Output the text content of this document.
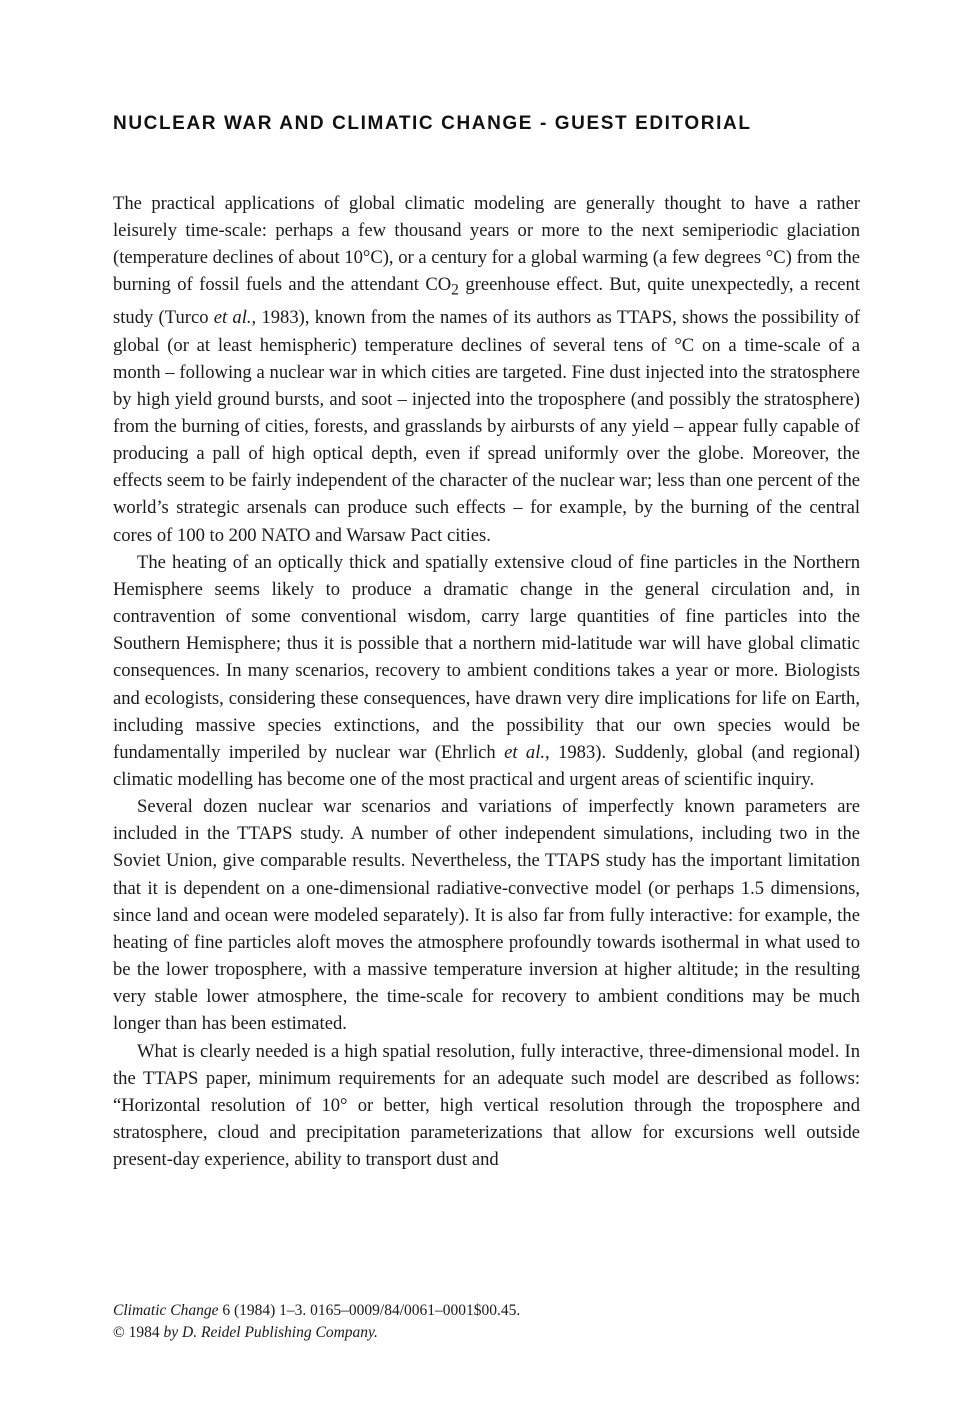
NUCLEAR WAR AND CLIMATIC CHANGE - GUEST EDITORIAL

The practical applications of global climatic modeling are generally thought to have a rather leisurely time-scale: perhaps a few thousand years or more to the next semiperiodic glaciation (temperature declines of about 10°C), or a century for a global warming (a few degrees °C) from the burning of fossil fuels and the attendant $CO_2$ greenhouse effect. But, quite unexpectedly, a recent study (Turco et al., 1983), known from the names of its authors as TTAPS, shows the possibility of global (or at least hemispheric) temperature declines of several tens of °C on a time-scale of a month – following a nuclear war in which cities are targeted. Fine dust injected into the stratosphere by high yield ground bursts, and soot – injected into the troposphere (and possibly the stratosphere) from the burning of cities, forests, and grasslands by airbursts of any yield – appear fully capable of producing a pall of high optical depth, even if spread uniformly over the globe. Moreover, the effects seem to be fairly independent of the character of the nuclear war; less than one percent of the world’s strategic arsenals can produce such effects – for example, by the burning of the central cores of 100 to 200 NATO and Warsaw Pact cities.

The heating of an optically thick and spatially extensive cloud of fine particles in the Northern Hemisphere seems likely to produce a dramatic change in the general circulation and, in contravention of some conventional wisdom, carry large quantities of fine particles into the Southern Hemisphere; thus it is possible that a northern mid-latitude war will have global climatic consequences. In many scenarios, recovery to ambient conditions takes a year or more. Biologists and ecologists, considering these consequences, have drawn very dire implications for life on Earth, including massive species extinctions, and the possibility that our own species would be fundamentally imperiled by nuclear war (Ehrlich et al., 1983). Suddenly, global (and regional) climatic modelling has become one of the most practical and urgent areas of scientific inquiry.

Several dozen nuclear war scenarios and variations of imperfectly known parameters are included in the TTAPS study. A number of other independent simulations, including two in the Soviet Union, give comparable results. Nevertheless, the TTAPS study has the important limitation that it is dependent on a one-dimensional radiative-convective model (or perhaps 1.5 dimensions, since land and ocean were modeled separately). It is also far from fully interactive: for example, the heating of fine particles aloft moves the atmosphere profoundly towards isothermal in what used to be the lower troposphere, with a massive temperature inversion at higher altitude; in the resulting very stable lower atmosphere, the time-scale for recovery to ambient conditions may be much longer than has been estimated.

What is clearly needed is a high spatial resolution, fully interactive, three-dimensional model. In the TTAPS paper, minimum requirements for an adequate such model are described as follows: “Horizontal resolution of 10° or better, high vertical resolution through the troposphere and stratosphere, cloud and precipitation parameterizations that allow for excursions well outside present-day experience, ability to transport dust and

Climatic Change 6 (1984) 1–3. 0165–0009/84/0061–0001$00.45.
© 1984 by D. Reidel Publishing Company.
